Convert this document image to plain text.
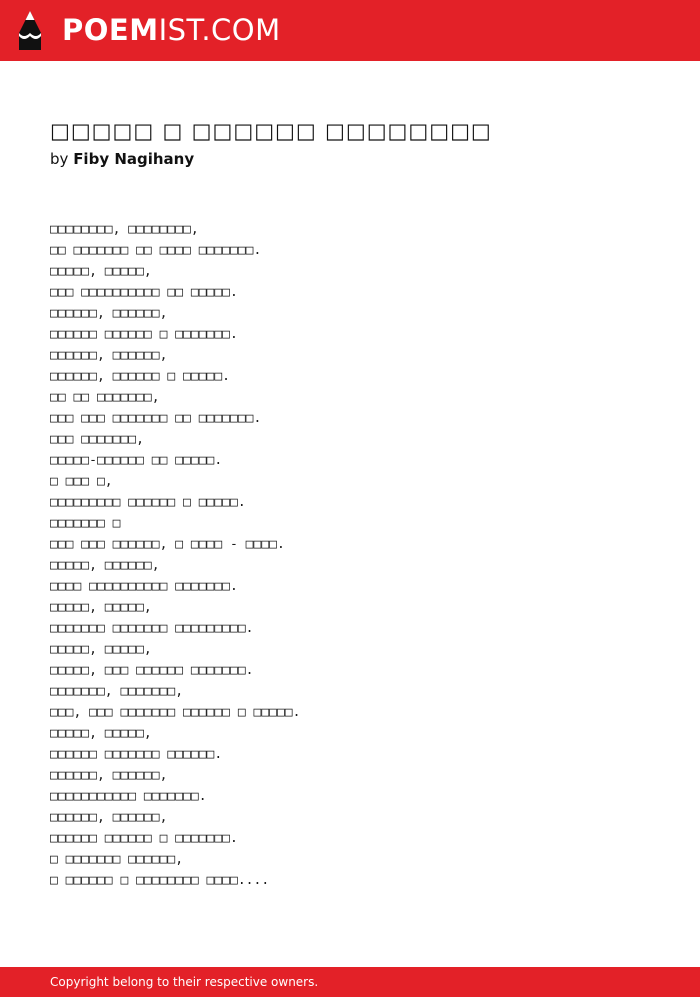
POEMIST.COM
□□□□□ □ □□□□□□ □□□□□□□□
by Fiby Nagihany
□□□□□□□□, □□□□□□□□,
□□ □□□□□□□ □□ □□□□ □□□□□□□.
□□□□□, □□□□□,
□□□ □□□□□□□□□□ □□ □□□□□.
□□□□□□, □□□□□□,
□□□□□□ □□□□□□ □ □□□□□□□.
□□□□□□, □□□□□□,
□□□□□□, □□□□□□ □ □□□□□.
□□ □□ □□□□□□□,
□□□ □□□ □□□□□□□ □□ □□□□□□□.
□□□ □□□□□□□,
□□□□□-□□□□□□ □□ □□□□□.
□ □□□ □,
□□□□□□□□□ □□□□□□ □ □□□□□.
□□□□□□□ □
□□□ □□□ □□□□□□, □ □□□□ - □□□□.
□□□□□, □□□□□□,
□□□□ □□□□□□□□□□ □□□□□□□.
□□□□□, □□□□□,
□□□□□□□ □□□□□□□ □□□□□□□□□.
□□□□□, □□□□□,
□□□□□, □□□ □□□□□□ □□□□□□□.
□□□□□□□, □□□□□□□,
□□□, □□□ □□□□□□□ □□□□□□ □ □□□□□.
□□□□□, □□□□□,
□□□□□□ □□□□□□□ □□□□□□.
□□□□□□, □□□□□□,
□□□□□□□□□□□ □□□□□□□.
□□□□□□, □□□□□□,
□□□□□□ □□□□□□ □ □□□□□□□.
□ □□□□□□□ □□□□□□,
□ □□□□□□ □ □□□□□□□□ □□□□....
Copyright belong to their respective owners.
